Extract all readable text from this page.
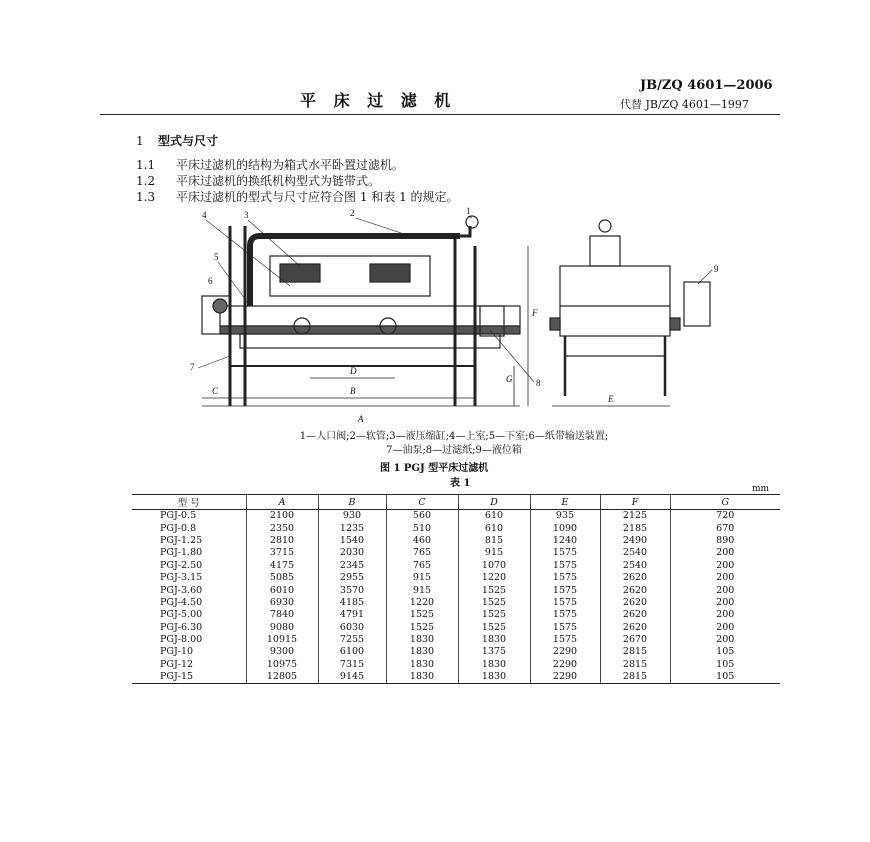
平 床 过 滤 机
JB/ZQ 4601—2006
代替 JB/ZQ 4601—1997
1 型式与尺寸
1.1 平床过滤机的结构为箱式水平卧置过滤机。
1.2 平床过滤机的换纸机构型式为链带式。
1.3 平床过滤机的型式与尺寸应符合图 1 和表 1 的规定。
1
2
3
4
5
6
7
8
9
A
B
C
D
E
F
G
1—人口阀;2—软管;3—液压缩缸;4—上室;5—下室;6—纸带输送装置;
7—油泵;8—过滤纸;9—液位箱
图 1 PGJ 型平床过滤机
表 1	mm
型 号	A	B	C	D	E	F	G
PGJ-0.5	2100	930	560	610	935	2125	720
PGJ-0.8	2350	1235	510	610	1090	2185	670
PGJ-1.25	2810	1540	460	815	1240	2490	890
PGJ-1.80	3715	2030	765	915	1575	2540	200
PGJ-2.50	4175	2345	765	1070	1575	2540	200
PGJ-3.15	5085	2955	915	1220	1575	2620	200
PGJ-3.60	6010	3570	915	1525	1575	2620	200
PGJ-4.50	6930	4185	1220	1525	1575	2620	200
PGJ-5.00	7840	4791	1525	1525	1575	2620	200
PGJ-6.30	9080	6030	1525	1525	1575	2620	200
PGJ-8.00	10915	7255	1830	1830	1575	2670	200
PGJ-10	9300	6100	1830	1375	2290	2815	105
PGJ-12	10975	7315	1830	1830	2290	2815	105
PGJ-15	12805	9145	1830	1830	2290	2815	105
